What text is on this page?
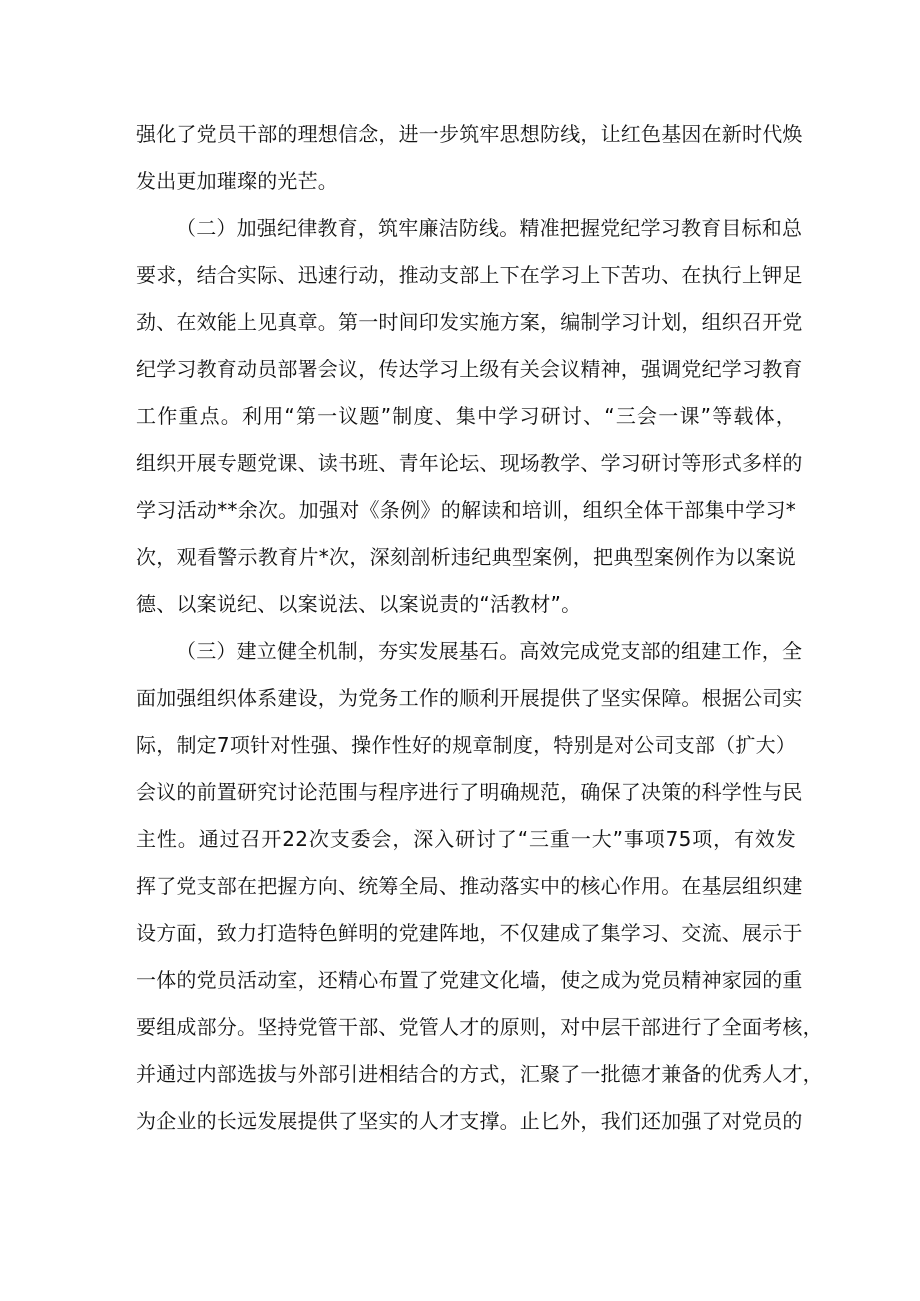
强化了党员干部的理想信念，进一步筑牢思想防线，让红色基因在新时代焕
发出更加璀璨的光芒。
（二）加强纪律教育，筑牢廉洁防线。精准把握党纪学习教育目标和总
要求，结合实际、迅速行动，推动支部上下在学习上下苦功、在执行上钾足
劲、在效能上见真章。第一时间印发实施方案，编制学习计划，组织召开党
纪学习教育动员部署会议，传达学习上级有关会议精神，强调党纪学习教育
工作重点。利用“第一议题”制度、集中学习研讨、“三会一课”等载体，
组织开展专题党课、读书班、青年论坛、现场教学、学习研讨等形式多样的
学习活动**余次。加强对《条例》的解读和培训，组织全体干部集中学习*
次，观看警示教育片*次，深刻剖析违纪典型案例，把典型案例作为以案说
德、以案说纪、以案说法、以案说责的“活教材”。
（三）建立健全机制，夯实发展基石。高效完成党支部的组建工作，全
面加强组织体系建设，为党务工作的顺利开展提供了坚实保障。根据公司实
际，制定7项针对性强、操作性好的规章制度，特别是对公司支部（扩大）
会议的前置研究讨论范围与程序进行了明确规范，确保了决策的科学性与民
主性。通过召开22次支委会，深入研讨了“三重一大”事项75项，有效发
挥了党支部在把握方向、统筹全局、推动落实中的核心作用。在基层组织建
设方面，致力打造特色鲜明的党建阵地，不仅建成了集学习、交流、展示于
一体的党员活动室，还精心布置了党建文化墙，使之成为党员精神家园的重
要组成部分。坚持党管干部、党管人才的原则，对中层干部进行了全面考核，
并通过内部选拔与外部引进相结合的方式，汇聚了一批德才兼备的优秀人才，
为企业的长远发展提供了坚实的人才支撑。止匕外，我们还加强了对党员的
